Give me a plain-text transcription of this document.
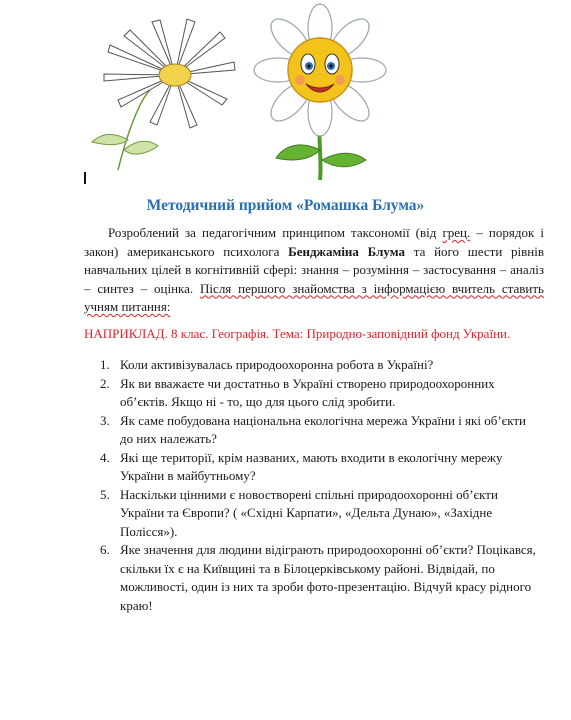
Методичний прийом «Ромашка Блума»
Розроблений за педагогічним принципом таксономії (від грец. – порядок і закон) американського психолога Бенджаміна Блума та його шести рівнів навчальних цілей в когнітивній сфері: знання – розуміння – застосування – аналіз – синтез – оцінка. Після першого знайомства з інформацією вчитель ставить учням питання:
НАПРИКЛАД. 8 клас. Географія. Тема: Природно-заповідний фонд України.
1. Коли активізувалась природоохоронна робота в Україні?
2. Як ви вважаєте чи достатньо в Україні створено природоохоронних об’єктів. Якщо ні - то, що для цього слід зробити.
3. Як саме побудована національна екологічна мережа України і які об’єкти до них належать?
4. Які ще території, крім названих, мають входити в екологічну мережу України в майбутньому?
5. Наскільки цінними є новостворені спільні природоохоронні об’єкти України та Європи? ( «Східні Карпати», «Дельта Дунаю», «Західне Полісся»).
6. Яке значення для людини відіграють природоохоронні об’єкти? Поцікався, скільки їх є на Київщині та в Білоцерківському районі. Відвідай, по можливості, один із них та зроби фото-презентацію. Відчуй красу рідного краю!
